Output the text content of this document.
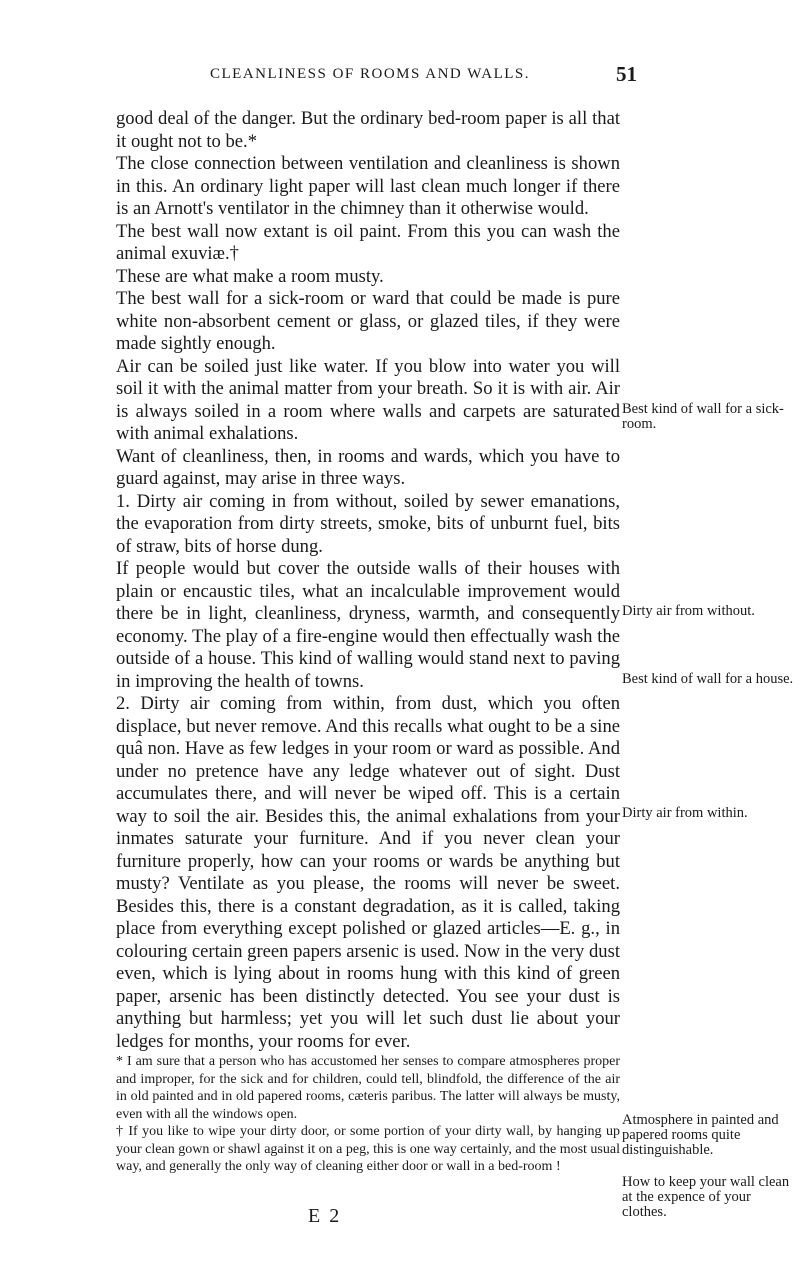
CLEANLINESS OF ROOMS AND WALLS.	51

good deal of the danger. But the ordinary bed-room paper is all that it ought not to be.*

The close connection between ventilation and cleanliness is shown in this. An ordinary light paper will last clean much longer if there is an Arnott's ventilator in the chimney than it otherwise would.

The best wall now extant is oil paint. From this you can wash the animal exuviæ.†

These are what make a room musty.

The best wall for a sick-room or ward that could be made is pure white non-absorbent cement or glass, or glazed tiles, if they were made sightly enough.

Air can be soiled just like water. If you blow into water you will soil it with the animal matter from your breath. So it is with air. Air is always soiled in a room where walls and carpets are saturated with animal exhalations.

Want of cleanliness, then, in rooms and wards, which you have to guard against, may arise in three ways.

1. Dirty air coming in from without, soiled by sewer emanations, the evaporation from dirty streets, smoke, bits of unburnt fuel, bits of straw, bits of horse dung.

If people would but cover the outside walls of their houses with plain or encaustic tiles, what an incalculable improvement would there be in light, cleanliness, dryness, warmth, and consequently economy. The play of a fire-engine would then effectually wash the outside of a house. This kind of walling would stand next to paving in improving the health of towns.

2. Dirty air coming from within, from dust, which you often displace, but never remove. And this recalls what ought to be a sine quâ non. Have as few ledges in your room or ward as possible. And under no pretence have any ledge whatever out of sight. Dust accumulates there, and will never be wiped off. This is a certain way to soil the air. Besides this, the animal exhalations from your inmates saturate your furniture. And if you never clean your furniture properly, how can your rooms or wards be anything but musty? Ventilate as you please, the rooms will never be sweet. Besides this, there is a constant degradation, as it is called, taking place from everything except polished or glazed articles—E. g., in colouring certain green papers arsenic is used. Now in the very dust even, which is lying about in rooms hung with this kind of green paper, arsenic has been distinctly detected. You see your dust is anything but harmless; yet you will let such dust lie about your ledges for months, your rooms for ever.

* I am sure that a person who has accustomed her senses to compare atmospheres proper and improper, for the sick and for children, could tell, blindfold, the difference of the air in old painted and in old papered rooms, cæteris paribus. The latter will always be musty, even with all the windows open.

† If you like to wipe your dirty door, or some portion of your dirty wall, by hanging up your clean gown or shawl against it on a peg, this is one way certainly, and the most usual way, and generally the only way of cleaning either door or wall in a bed-room !

Best kind of wall for a sick-room.
Dirty air from without.
Best kind of wall for a house.
Dirty air from within.
Atmosphere in painted and papered rooms quite distinguishable.
How to keep your wall clean at the expence of your clothes.
E 2
